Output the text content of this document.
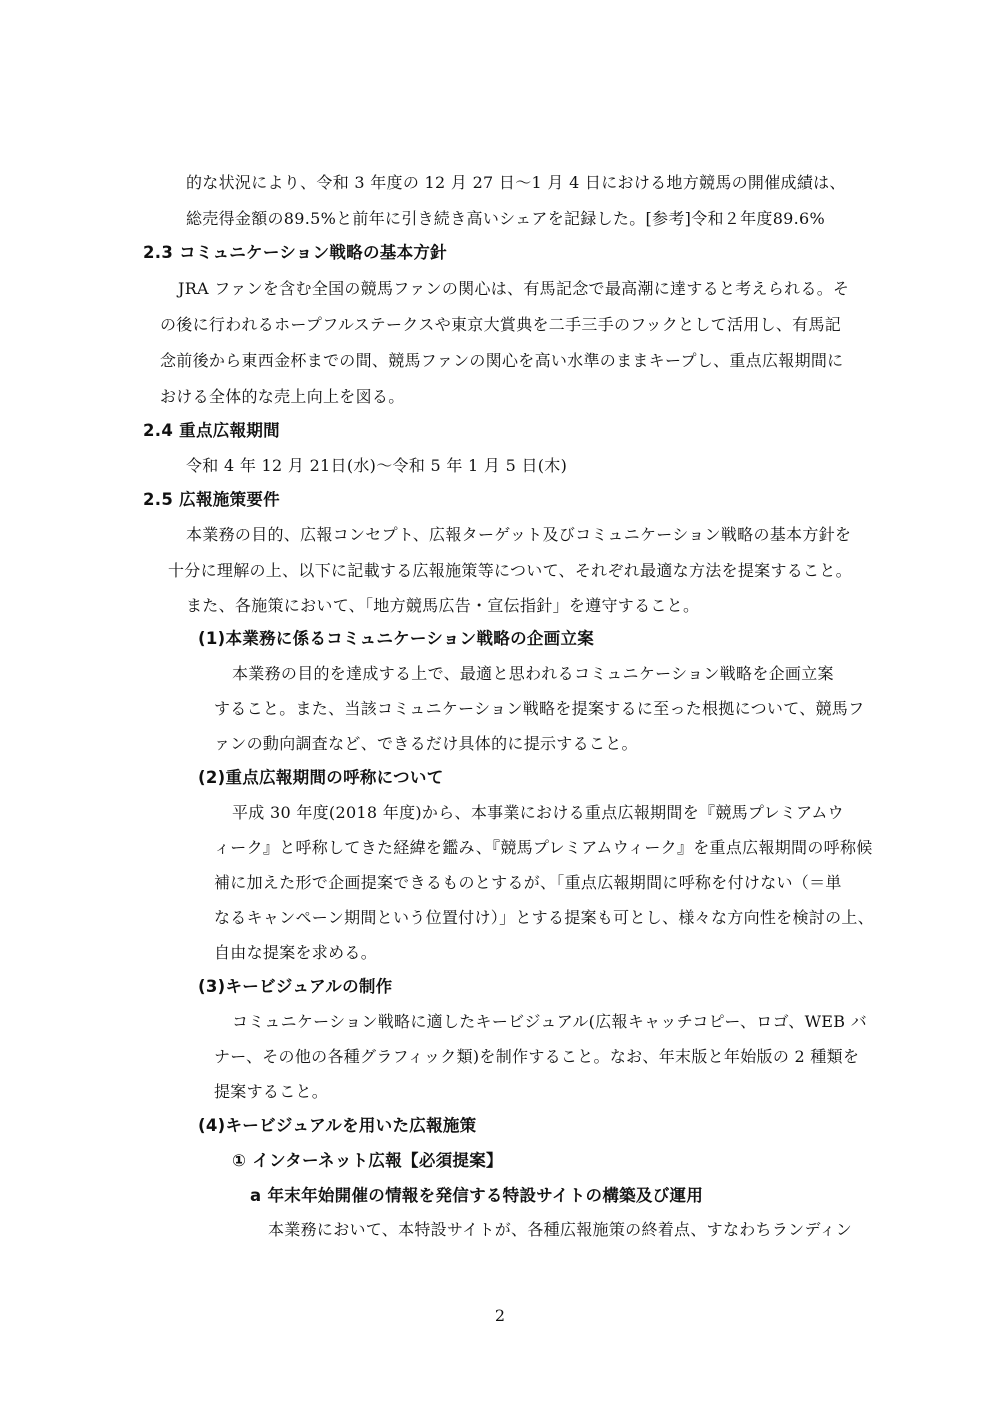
的な状況により、令和 3 年度の 12 月 27 日～1 月 4 日における地方競馬の開催成績は、
総売得金額の89.5%と前年に引き続き高いシェアを記録した。[参考]令和２年度89.6%
2.3 コミュニケーション戦略の基本方針
JRA ファンを含む全国の競馬ファンの関心は、有馬記念で最高潮に達すると考えられる。そ
の後に行われるホープフルステークスや東京大賞典を二手三手のフックとして活用し、有馬記
念前後から東西金杯までの間、競馬ファンの関心を高い水準のままキープし、重点広報期間に
おける全体的な売上向上を図る。
2.4 重点広報期間
令和 4 年 12 月 21日(水)～令和 5 年 1 月 5 日(木)
2.5 広報施策要件
本業務の目的、広報コンセプト、広報ターゲット及びコミュニケーション戦略の基本方針を
十分に理解の上、以下に記載する広報施策等について、それぞれ最適な方法を提案すること。
また、各施策において、「地方競馬広告・宣伝指針」を遵守すること。
(1)本業務に係るコミュニケーション戦略の企画立案
本業務の目的を達成する上で、最適と思われるコミュニケーション戦略を企画立案
すること。また、当該コミュニケーション戦略を提案するに至った根拠について、競馬フ
ァンの動向調査など、できるだけ具体的に提示すること。
(2)重点広報期間の呼称について
平成 30 年度(2018 年度)から、本事業における重点広報期間を『競馬プレミアムウ
ィーク』と呼称してきた経緯を鑑み、『競馬プレミアムウィーク』を重点広報期間の呼称候
補に加えた形で企画提案できるものとするが、「重点広報期間に呼称を付けない（＝単
なるキャンペーン期間という位置付け）」とする提案も可とし、様々な方向性を検討の上、
自由な提案を求める。
(3)キービジュアルの制作
コミュニケーション戦略に適したキービジュアル(広報キャッチコピー、ロゴ、WEB バ
ナー、その他の各種グラフィック類)を制作すること。なお、年末版と年始版の 2 種類を
提案すること。
(4)キービジュアルを用いた広報施策
① インターネット広報【必須提案】
a 年末年始開催の情報を発信する特設サイトの構築及び運用
本業務において、本特設サイトが、各種広報施策の終着点、すなわちランディン
2
